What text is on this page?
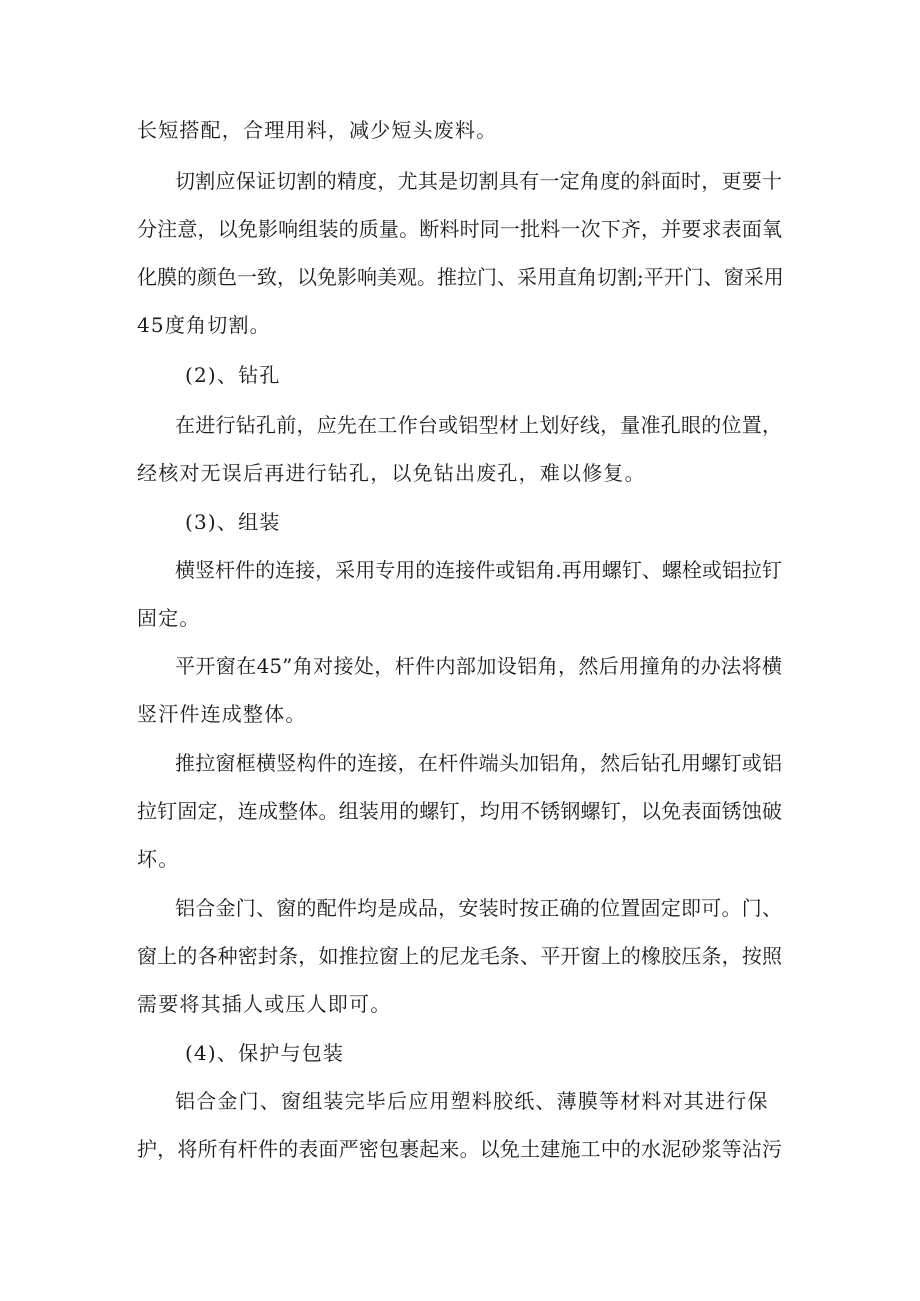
长短搭配，合理用料，减少短头废料。
切割应保证切割的精度，尤其是切割具有一定角度的斜面时，更要十
分注意，以免影响组装的质量。断料时同一批料一次下齐，并要求表面氧
化膜的颜色一致，以免影响美观。推拉门、采用直角切割;平开门、窗采用
45度角切割。
(2)、钻孔
在进行钻孔前，应先在工作台或铝型材上划好线，量准孔眼的位置，
经核对无误后再进行钻孔，以免钻出废孔，难以修复。
(3)、组装
横竖杆件的连接，采用专用的连接件或铝角.再用螺钉、螺栓或铝拉钉
固定。
平开窗在45”角对接处，杆件内部加设铝角，然后用撞角的办法将横
竖汗件连成整体。
推拉窗框横竖构件的连接，在杆件端头加铝角，然后钻孔用螺钉或铝
拉钉固定，连成整体。组装用的螺钉，均用不锈钢螺钉，以免表面锈蚀破
坏。
铝合金门、窗的配件均是成品，安装时按正确的位置固定即可。门、
窗上的各种密封条，如推拉窗上的尼龙毛条、平开窗上的橡胶压条，按照
需要将其插人或压人即可。
(4)、保护与包装
铝合金门、窗组装完毕后应用塑料胶纸、薄膜等材料对其进行保
护，将所有杆件的表面严密包裹起来。以免土建施工中的水泥砂浆等沾污
